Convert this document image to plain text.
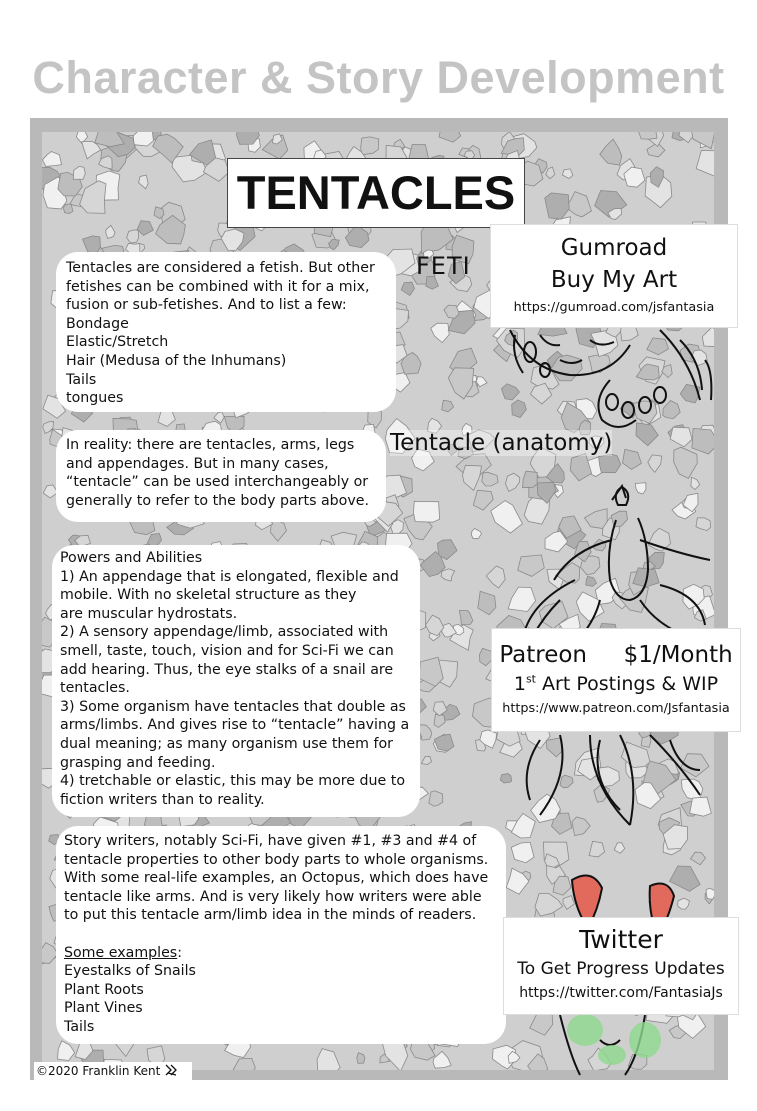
Character & Story Development
TENTACLES
FETI
Tentacle (anatomy)
Tentacles are considered a fetish. But other
fetishes can be combined with it for a mix,
fusion or sub-fetishes. And to list a few:
Bondage
Elastic/Stretch
Hair (Medusa of the Inhumans)
Tails
tongues
In reality: there are tentacles, arms, legs
and appendages. But in many cases,
“tentacle” can be used interchangeably or
generally to refer to the body parts above.
Powers and Abilities
1) An appendage that is elongated, flexible and
mobile. With no skeletal structure as they
are muscular hydrostats.
2) A sensory appendage/limb, associated with
smell, taste, touch, vision and for Sci-Fi we can
add hearing. Thus, the eye stalks of a snail are
tentacles.
3) Some organism have tentacles that double as
arms/limbs. And gives rise to “tentacle” having a
dual meaning; as many organism use them for
grasping and feeding.
4) tretchable or elastic, this may be more due to
fiction writers than to reality.
Story writers, notably Sci-Fi, have given #1, #3 and #4 of
tentacle properties to other body parts to whole organisms.
With some real-life examples, an Octopus, which does have
tentacle like arms. And is very likely how writers were able
to put this tentacle arm/limb idea in the minds of readers.
Some examples:
Eyestalks of Snails
Plant Roots
Plant Vines
Tails
Gumroad
Buy My Art
https://gumroad.com/jsfantasia
Patreon     $1/Month
1st Art Postings & WIP
https://www.patreon.com/Jsfantasia
Twitter
To Get Progress Updates
https://twitter.com/FantasiaJs
©2020 Franklin Kent
